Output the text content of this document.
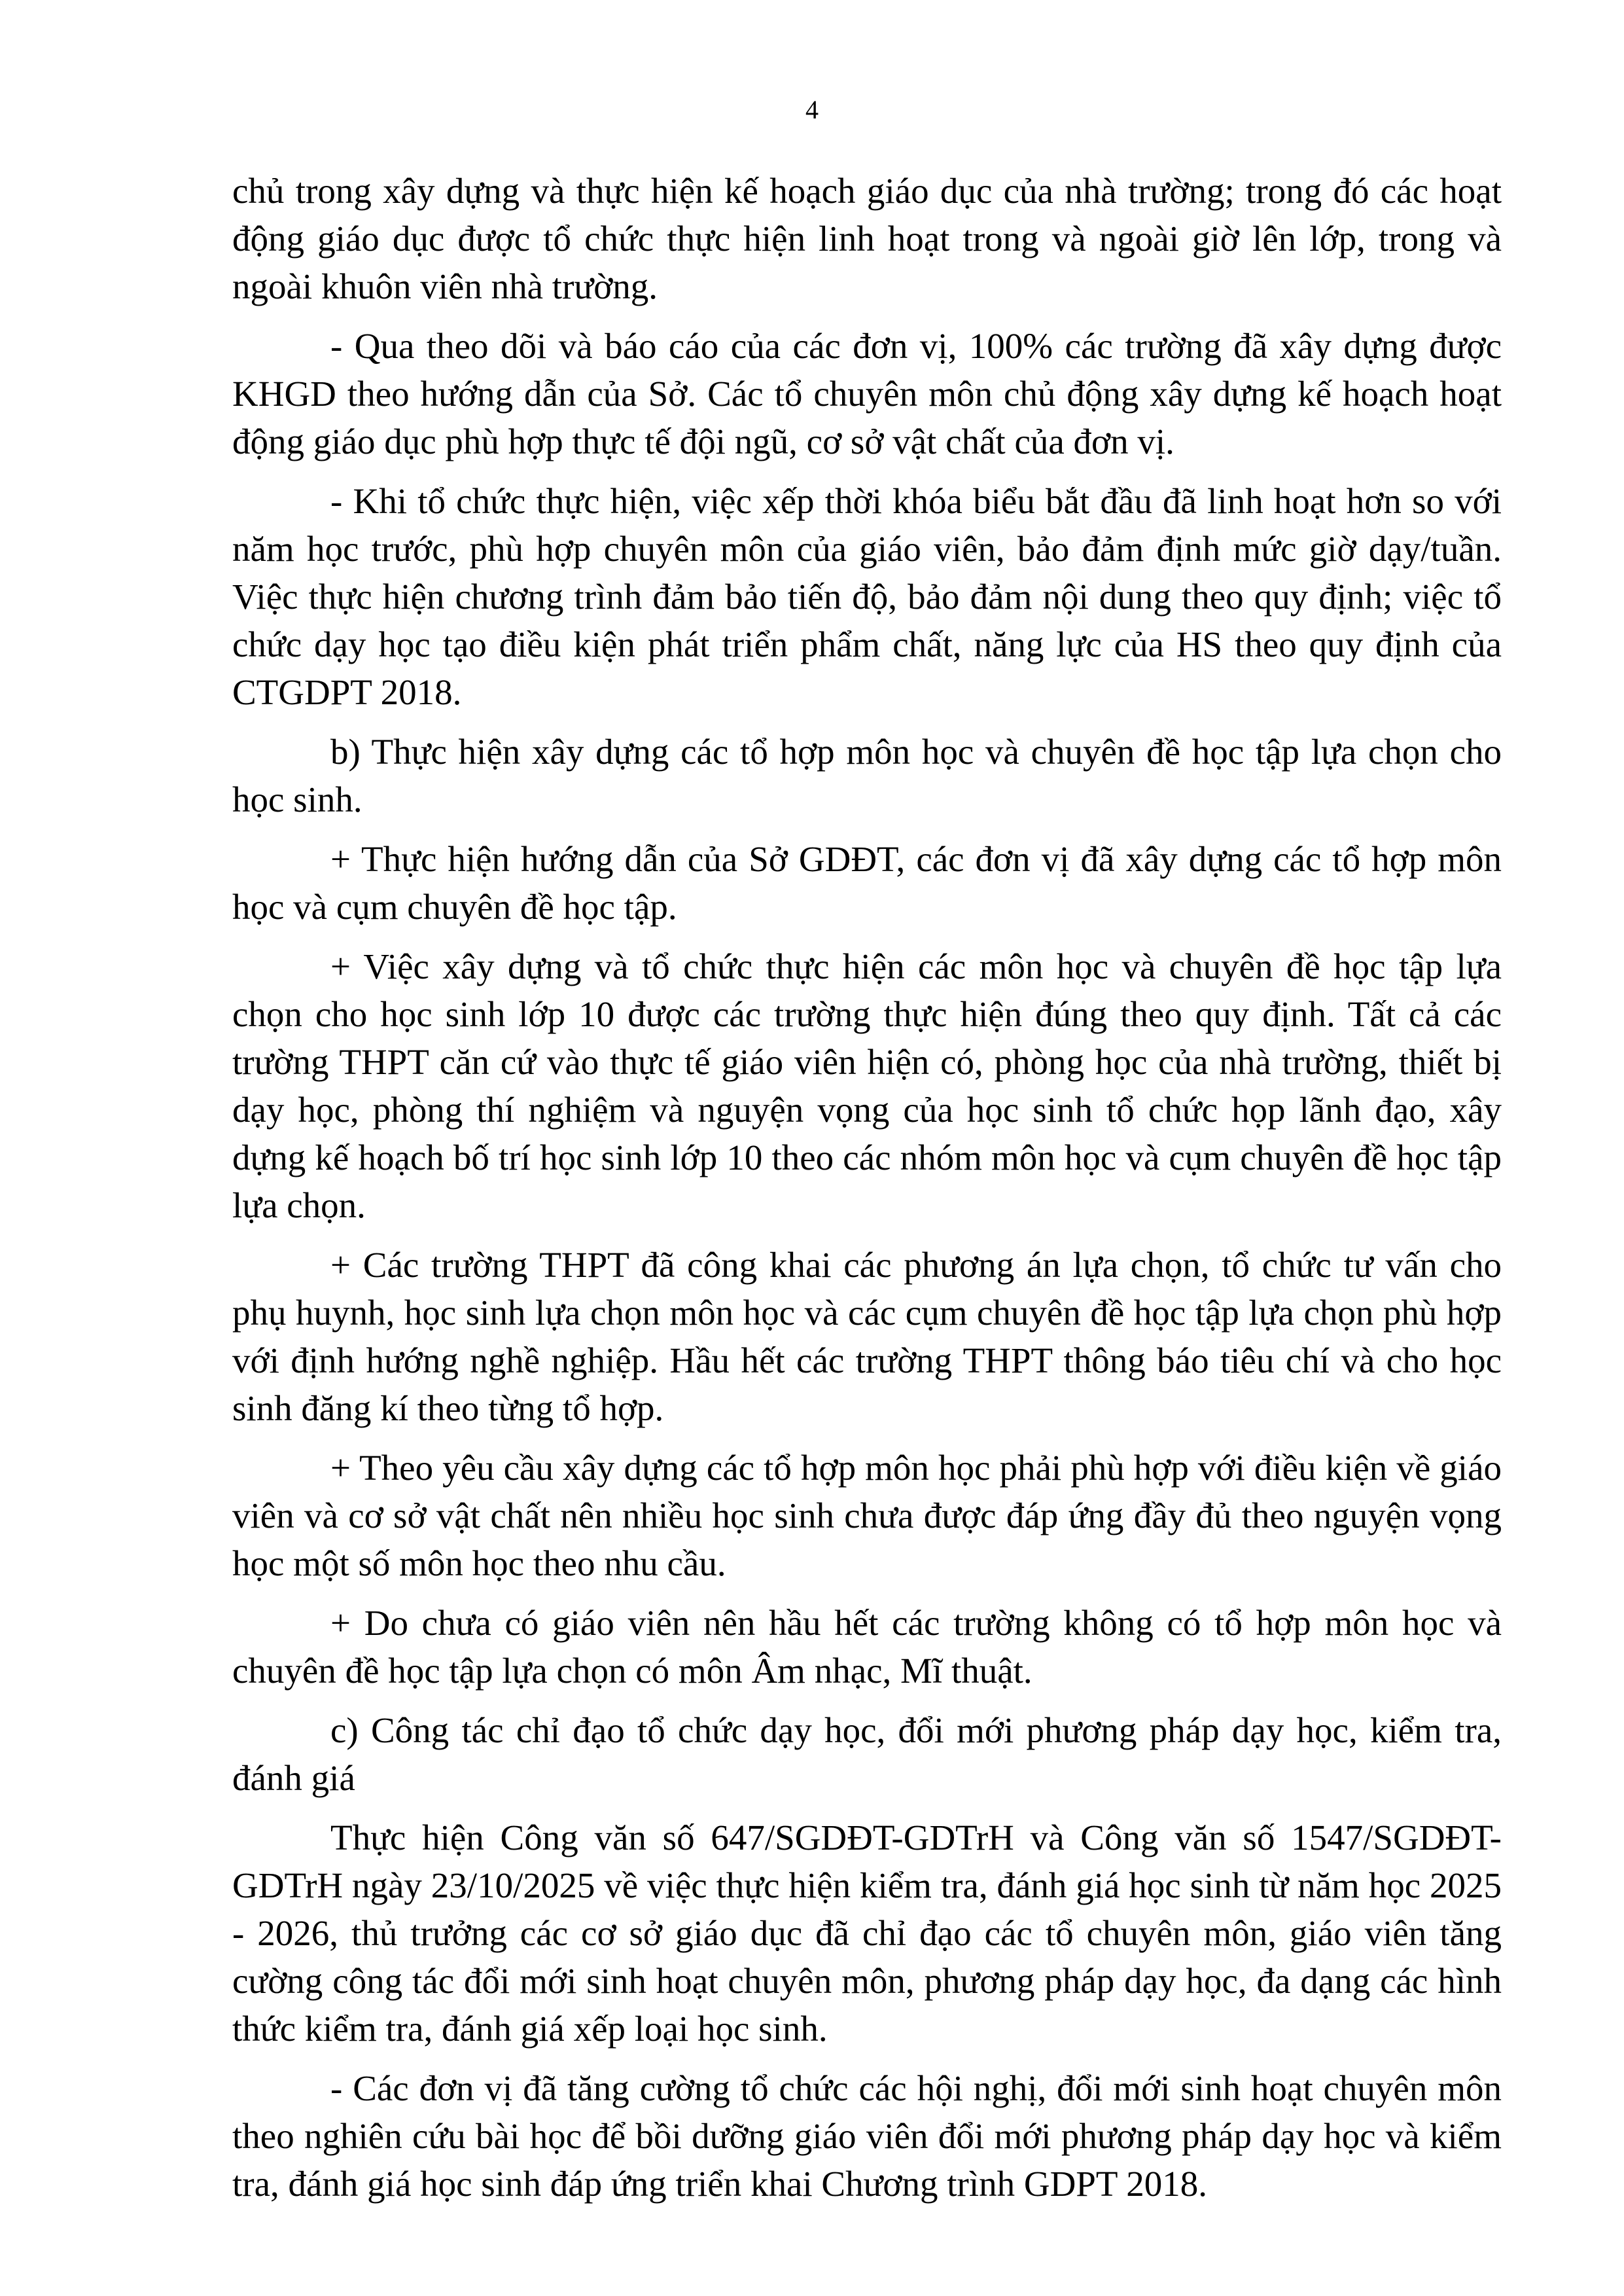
4

chủ trong xây dựng và thực hiện kế hoạch giáo dục của nhà trường; trong đó các hoạt động giáo dục được tổ chức thực hiện linh hoạt trong và ngoài giờ lên lớp, trong và ngoài khuôn viên nhà trường.

- Qua theo dõi và báo cáo của các đơn vị, 100% các trường đã xây dựng được KHGD theo hướng dẫn của Sở. Các tổ chuyên môn chủ động xây dựng kế hoạch hoạt động giáo dục phù hợp thực tế đội ngũ, cơ sở vật chất của đơn vị.

- Khi tổ chức thực hiện, việc xếp thời khóa biểu bắt đầu đã linh hoạt hơn so với năm học trước, phù hợp chuyên môn của giáo viên, bảo đảm định mức giờ dạy/tuần. Việc thực hiện chương trình đảm bảo tiến độ, bảo đảm nội dung theo quy định; việc tổ chức dạy học tạo điều kiện phát triển phẩm chất, năng lực của HS theo quy định của CTGDPT 2018.

b) Thực hiện xây dựng các tổ hợp môn học và chuyên đề học tập lựa chọn cho học sinh.

+ Thực hiện hướng dẫn của Sở GDĐT, các đơn vị đã xây dựng các tổ hợp môn học và cụm chuyên đề học tập.

+ Việc xây dựng và tổ chức thực hiện các môn học và chuyên đề học tập lựa chọn cho học sinh lớp 10 được các trường thực hiện đúng theo quy định. Tất cả các trường THPT căn cứ vào thực tế giáo viên hiện có, phòng học của nhà trường, thiết bị dạy học, phòng thí nghiệm và nguyện vọng của học sinh tổ chức họp lãnh đạo, xây dựng kế hoạch bố trí học sinh lớp 10 theo các nhóm môn học và cụm chuyên đề học tập lựa chọn.

+ Các trường THPT đã công khai các phương án lựa chọn, tổ chức tư vấn cho phụ huynh, học sinh lựa chọn môn học và các cụm chuyên đề học tập lựa chọn phù hợp với định hướng nghề nghiệp. Hầu hết các trường THPT thông báo tiêu chí và cho học sinh đăng kí theo từng tổ hợp.

+ Theo yêu cầu xây dựng các tổ hợp môn học phải phù hợp với điều kiện về giáo viên và cơ sở vật chất nên nhiều học sinh chưa được đáp ứng đầy đủ theo nguyện vọng học một số môn học theo nhu cầu.

+ Do chưa có giáo viên nên hầu hết các trường không có tổ hợp môn học và chuyên đề học tập lựa chọn có môn Âm nhạc, Mĩ thuật.

c) Công tác chỉ đạo tổ chức dạy học, đổi mới phương pháp dạy học, kiểm tra, đánh giá

Thực hiện Công văn số 647/SGDĐT-GDTrH và Công văn số 1547/SGDĐT-GDTrH ngày 23/10/2025 về việc thực hiện kiểm tra, đánh giá học sinh từ năm học 2025 - 2026, thủ trưởng các cơ sở giáo dục đã chỉ đạo các tổ chuyên môn, giáo viên tăng cường công tác đổi mới sinh hoạt chuyên môn, phương pháp dạy học, đa dạng các hình thức kiểm tra, đánh giá xếp loại học sinh.

- Các đơn vị đã tăng cường tổ chức các hội nghị, đổi mới sinh hoạt chuyên môn theo nghiên cứu bài học để bồi dưỡng giáo viên đổi mới phương pháp dạy học và kiểm tra, đánh giá học sinh đáp ứng triển khai Chương trình GDPT 2018.
